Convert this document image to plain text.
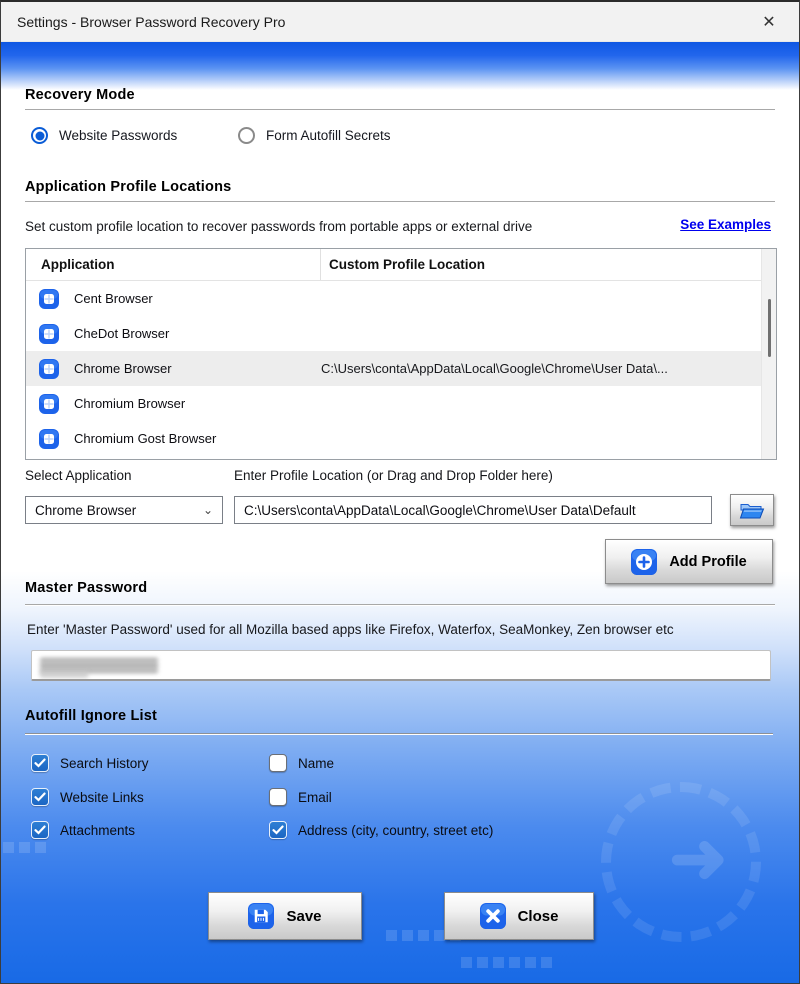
Settings - Browser Password Recovery Pro	✕
Recovery Mode
Website Passwords	Form Autofill Secrets
Application Profile Locations
Set custom profile location to recover passwords from portable apps or external drive	See Examples
Application	Custom Profile Location
Cent Browser
CheDot Browser
Chrome Browser	C:\Users\conta\AppData\Local\Google\Chrome\User Data\...
Chromium Browser
Chromium Gost Browser
Select Application
Chrome Browser	⌄
Enter Profile Location (or Drag and Drop Folder here)
C:\Users\conta\AppData\Local\Google\Chrome\User Data\Default
Add Profile
Master Password
Enter 'Master Password' used for all Mozilla based apps like Firefox, Waterfox, SeaMonkey, Zen browser etc
Autofill Ignore List
Search History
Website Links
Attachments
Name
Email
Address (city, country, street etc)	➜
Save	Close
